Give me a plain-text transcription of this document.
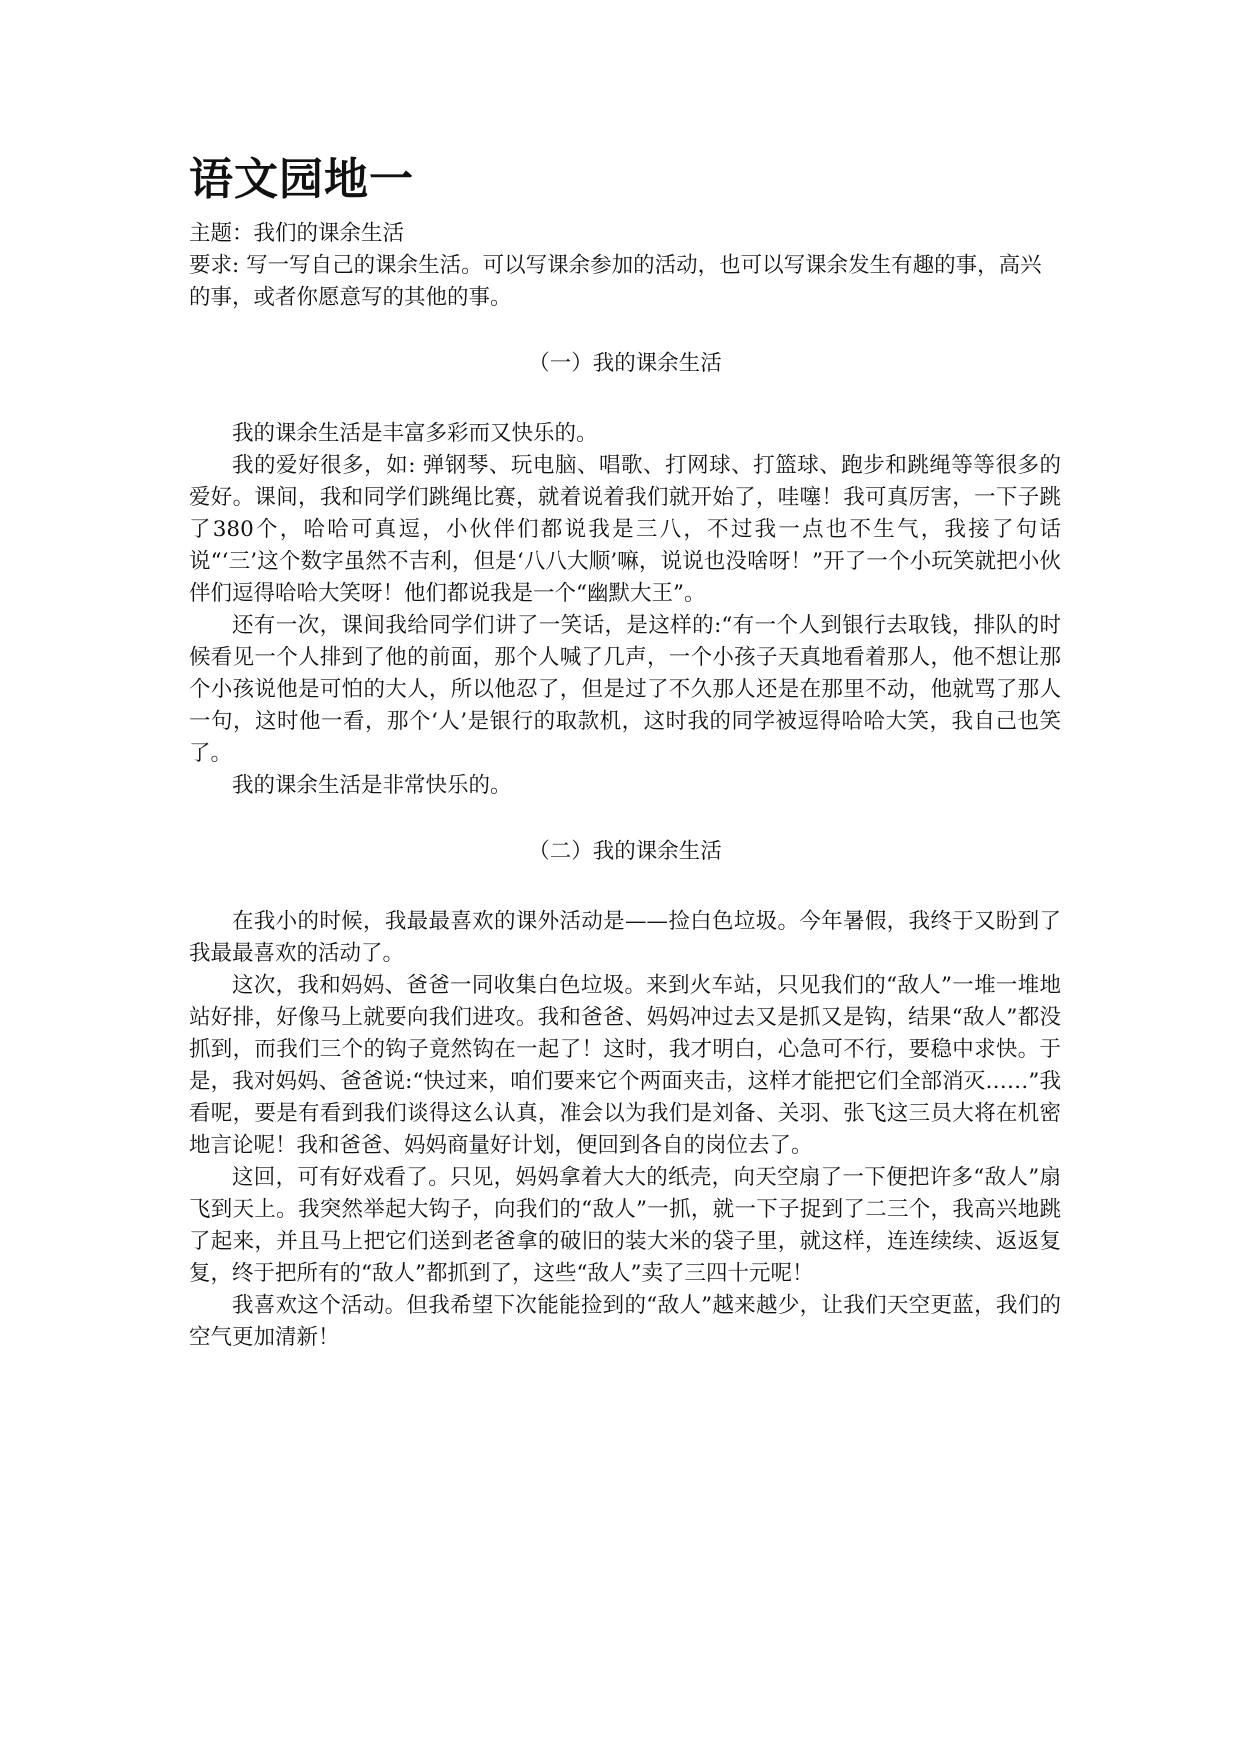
语文园地一

主题：我们的课余生活

要求: 写一写自己的课余生活。可以写课余参加的活动，也可以写课余发生有趣的事，高兴的事，或者你愿意写的其他的事。

（一）我的课余生活

我的课余生活是丰富多彩而又快乐的。

我的爱好很多，如: 弹钢琴、玩电脑、唱歌、打网球、打篮球、跑步和跳绳等等很多的爱好。课间，我和同学们跳绳比赛，就着说着我们就开始了，哇噻！我可真厉害，一下子跳了380个，哈哈可真逗，小伙伴们都说我是三八，不过我一点也不生气，我接了句话说“‘三’这个数字虽然不吉利，但是‘八八大顺’嘛，说说也没啥呀！”开了一个小玩笑就把小伙伴们逗得哈哈大笑呀！他们都说我是一个“幽默大王”。

还有一次，课间我给同学们讲了一笑话，是这样的:“有一个人到银行去取钱，排队的时候看见一个人排到了他的前面，那个人喊了几声，一个小孩子天真地看着那人，他不想让那个小孩说他是可怕的大人，所以他忍了，但是过了不久那人还是在那里不动，他就骂了那人一句，这时他一看，那个‘人’是银行的取款机，这时我的同学被逗得哈哈大笑，我自己也笑了。

我的课余生活是非常快乐的。

（二）我的课余生活

在我小的时候，我最最喜欢的课外活动是——捡白色垃圾。今年暑假，我终于又盼到了我最最喜欢的活动了。

这次，我和妈妈、爸爸一同收集白色垃圾。来到火车站，只见我们的“敌人”一堆一堆地站好排，好像马上就要向我们进攻。我和爸爸、妈妈冲过去又是抓又是钩，结果“敌人”都没抓到，而我们三个的钩子竟然钩在一起了！这时，我才明白，心急可不行，要稳中求快。于是，我对妈妈、爸爸说:“快过来，咱们要来它个两面夹击，这样才能把它们全部消灭……”我看呢，要是有看到我们谈得这么认真，准会以为我们是刘备、关羽、张飞这三员大将在机密地言论呢！我和爸爸、妈妈商量好计划，便回到各自的岗位去了。

这回，可有好戏看了。只见，妈妈拿着大大的纸壳，向天空扇了一下便把许多“敌人”扇飞到天上。我突然举起大钩子，向我们的“敌人”一抓，就一下子捉到了二三个，我高兴地跳了起来，并且马上把它们送到老爸拿的破旧的装大米的袋子里，就这样，连连续续、返返复复，终于把所有的“敌人”都抓到了，这些“敌人”卖了三四十元呢！

我喜欢这个活动。但我希望下次能能捡到的“敌人”越来越少，让我们天空更蓝，我们的空气更加清新！
